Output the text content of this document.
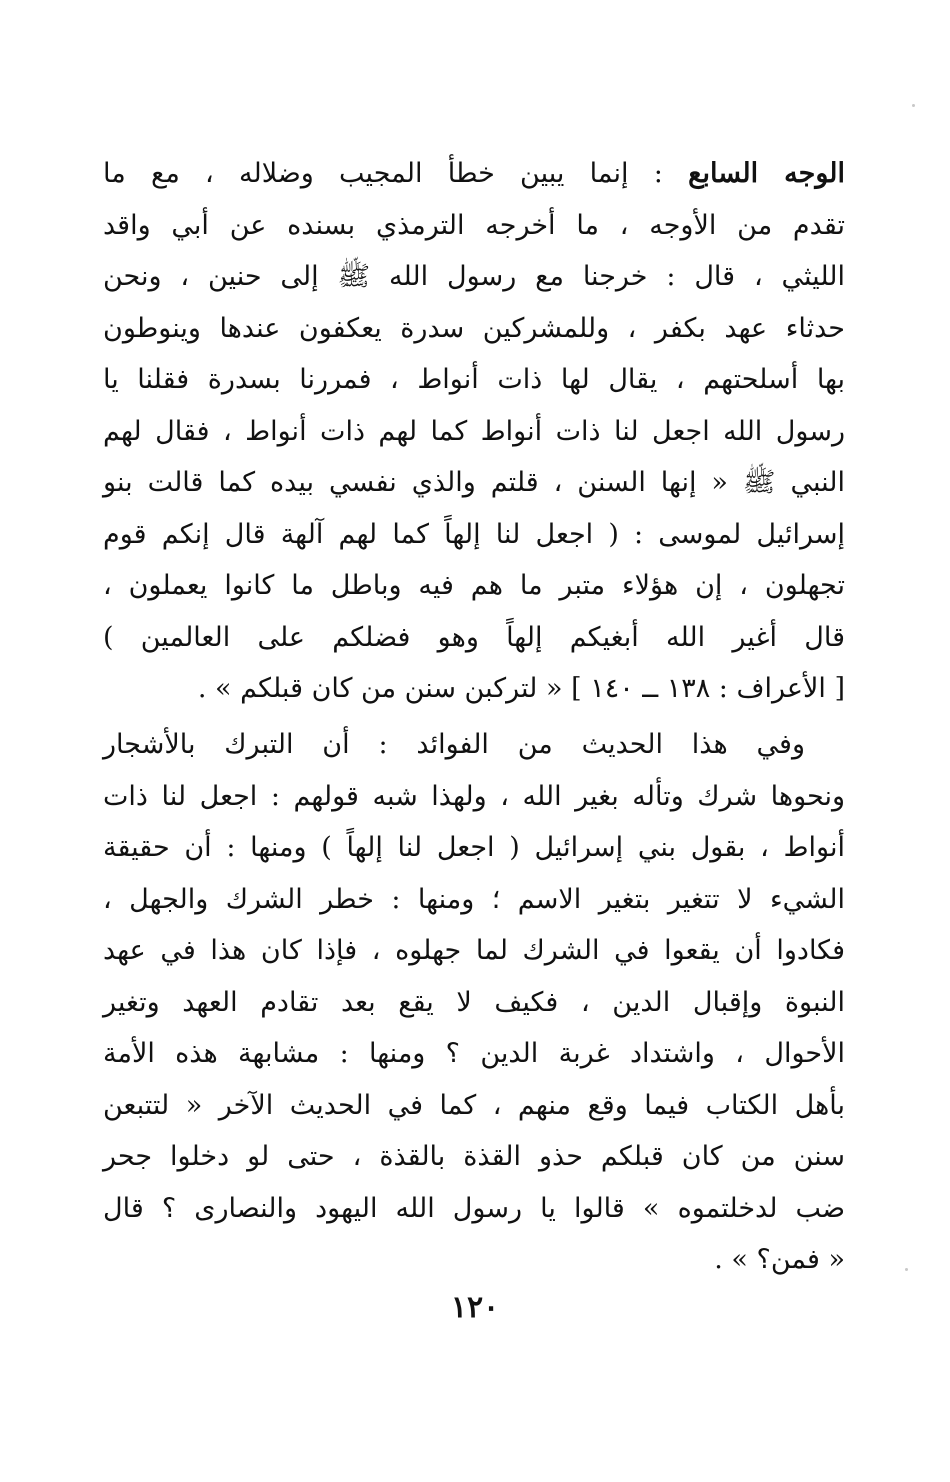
الوجه السابع : إنما يبين خطأ المجيب وضلاله ، مع ما
تقدم من الأوجه ، ما أخرجه الترمذي بسنده عن أبي واقد
الليثي ، قال : خرجنا مع رسول الله ﷺ إلى حنين ، ونحن
حدثاء عهد بكفر ، وللمشركين سدرة يعكفون عندها وينوطون
بها أسلحتهم ، يقال لها ذات أنواط ، فمررنا بسدرة فقلنا يا
رسول الله اجعل لنا ذات أنواط كما لهم ذات أنواط ، فقال لهم
النبي ﷺ « إنها السنن ، قلتم والذي نفسي بيده كما قالت بنو
إسرائيل لموسى : ( اجعل لنا إلهاً كما لهم آلهة قال إنكم قوم
تجهلون ، إن هؤلاء متبر ما هم فيه وباطل ما كانوا يعملون ،
قال أغير الله أبغيكم إلهاً وهو فضلكم على العالمين )
[ الأعراف : ١٣٨ ــ ١٤٠ ] « لتركبن سنن من كان قبلكم » .
وفي هذا الحديث من الفوائد : أن التبرك بالأشجار
ونحوها شرك وتأله بغير الله ، ولهذا شبه قولهم : اجعل لنا ذات
أنواط ، بقول بني إسرائيل ( اجعل لنا إلهاً ) ومنها : أن حقيقة
الشيء لا تتغير بتغير الاسم ؛ ومنها : خطر الشرك والجهل ،
فكادوا أن يقعوا في الشرك لما جهلوه ، فإذا كان هذا في عهد
النبوة وإقبال الدين ، فكيف لا يقع بعد تقادم العهد وتغير
الأحوال ، واشتداد غربة الدين ؟ ومنها : مشابهة هذه الأمة
بأهل الكتاب فيما وقع منهم ، كما في الحديث الآخر « لتتبعن
سنن من كان قبلكم حذو القذة بالقذة ، حتى لو دخلوا جحر
ضب لدخلتموه » قالوا يا رسول الله اليهود والنصارى ؟ قال
« فمن؟ » .
١٢٠
